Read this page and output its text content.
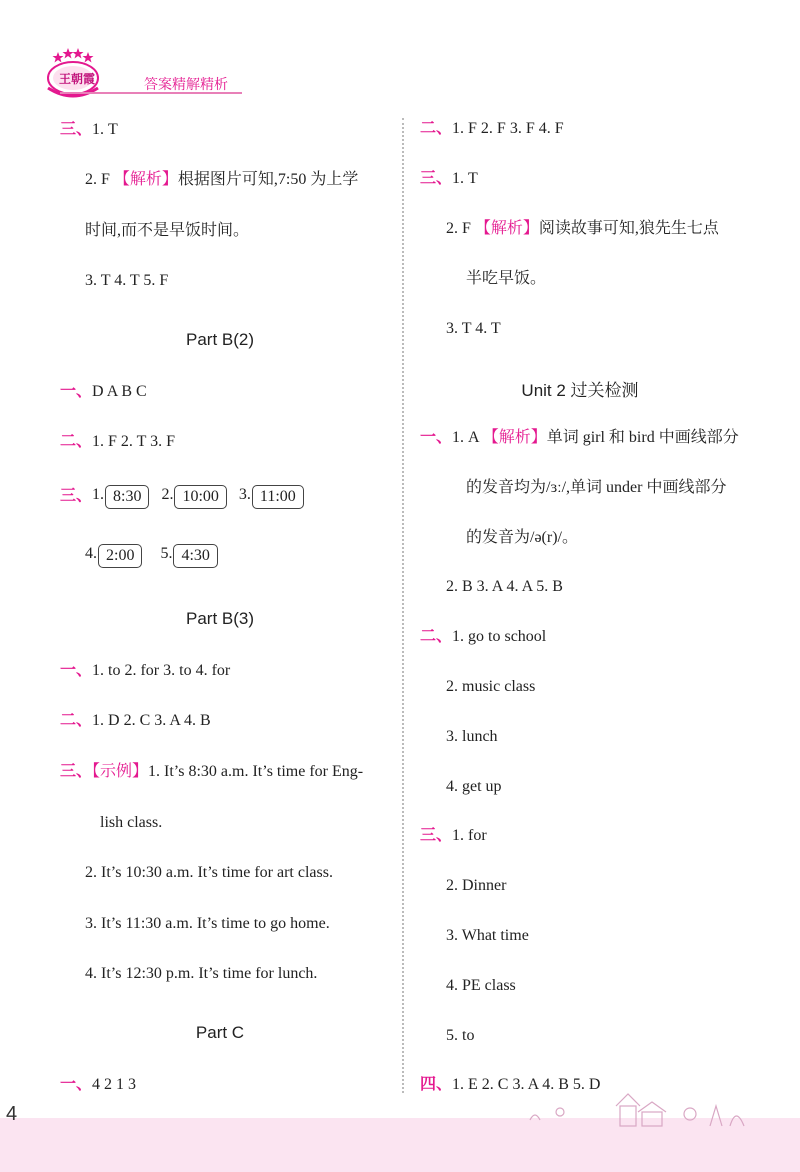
王朝霞	答案精解精析
三、1. T
2. F 【解析】根据图片可知,7:50 为上学
时间,而不是早饭时间。
3. T 4. T 5. F
Part B(2)
一、D A B C
二、1. F 2. T 3. F
三、1. 8:30 2. 10:00 3. 11:00
4. 2:00 5. 4:30
Part B(3)
一、1. to 2. for 3. to 4. for
二、1. D 2. C 3. A 4. B
三、【示例】1. It’s 8:30 a.m. It’s time for Eng-
lish class.
2. It’s 10:30 a.m. It’s time for art class.
3. It’s 11:30 a.m. It’s time to go home.
4. It’s 12:30 p.m. It’s time for lunch.
Part C
一、4 2 1 3
二、1. F 2. F 3. F 4. F
三、1. T
2. F 【解析】阅读故事可知,狼先生七点
半吃早饭。
3. T 4. T
Unit 2 过关检测
一、1. A 【解析】单词 girl 和 bird 中画线部分
的发音均为/ɜː/,单词 under 中画线部分
的发音为/ə(r)/。
2. B 3. A 4. A 5. B
二、1. go to school
2. music class
3. lunch
4. get up
三、1. for
2. Dinner
3. What time
4. PE class
5. to
四、1. E 2. C 3. A 4. B 5. D
4
